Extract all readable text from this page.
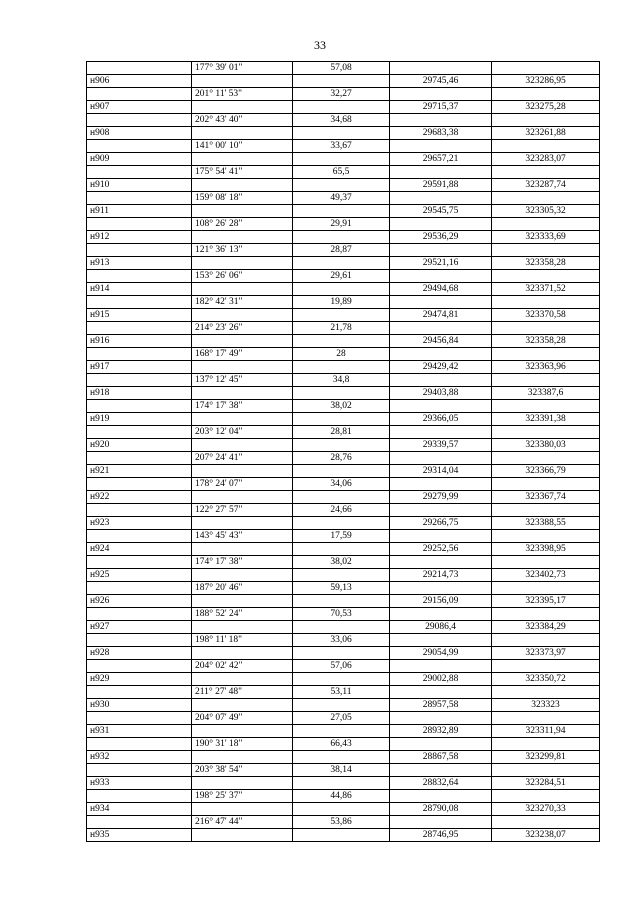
33
	177° 39' 01"	57,08		
н906			29745,46	323286,95
	201° 11' 53"	32,27		
н907			29715,37	323275,28
	202° 43' 40"	34,68		
н908			29683,38	323261,88
	141° 00' 10"	33,67		
н909			29657,21	323283,07
	175° 54' 41"	65,5		
н910			29591,88	323287,74
	159° 08' 18"	49,37		
н911			29545,75	323305,32
	108° 26' 28"	29,91		
н912			29536,29	323333,69
	121° 36' 13"	28,87		
н913			29521,16	323358,28
	153° 26' 06"	29,61		
н914			29494,68	323371,52
	182° 42' 31"	19,89		
н915			29474,81	323370,58
	214° 23' 26"	21,78		
н916			29456,84	323358,28
	168° 17' 49"	28		
н917			29429,42	323363,96
	137° 12' 45"	34,8		
н918			29403,88	323387,6
	174° 17' 38"	38,02		
н919			29366,05	323391,38
	203° 12' 04"	28,81		
н920			29339,57	323380,03
	207° 24' 41"	28,76		
н921			29314,04	323366,79
	178° 24' 07"	34,06		
н922			29279,99	323367,74
	122° 27' 57"	24,66		
н923			29266,75	323388,55
	143° 45' 43"	17,59		
н924			29252,56	323398,95
	174° 17' 38"	38,02		
н925			29214,73	323402,73
	187° 20' 46"	59,13		
н926			29156,09	323395,17
	188° 52' 24"	70,53		
н927			29086,4	323384,29
	198° 11' 18"	33,06		
н928			29054,99	323373,97
	204° 02' 42"	57,06		
н929			29002,88	323350,72
	211° 27' 48"	53,11		
н930			28957,58	323323
	204° 07' 49"	27,05		
н931			28932,89	323311,94
	190° 31' 18"	66,43		
н932			28867,58	323299,81
	203° 38' 54"	38,14		
н933			28832,64	323284,51
	198° 25' 37"	44,86		
н934			28790,08	323270,33
	216° 47' 44"	53,86		
н935			28746,95	323238,07
